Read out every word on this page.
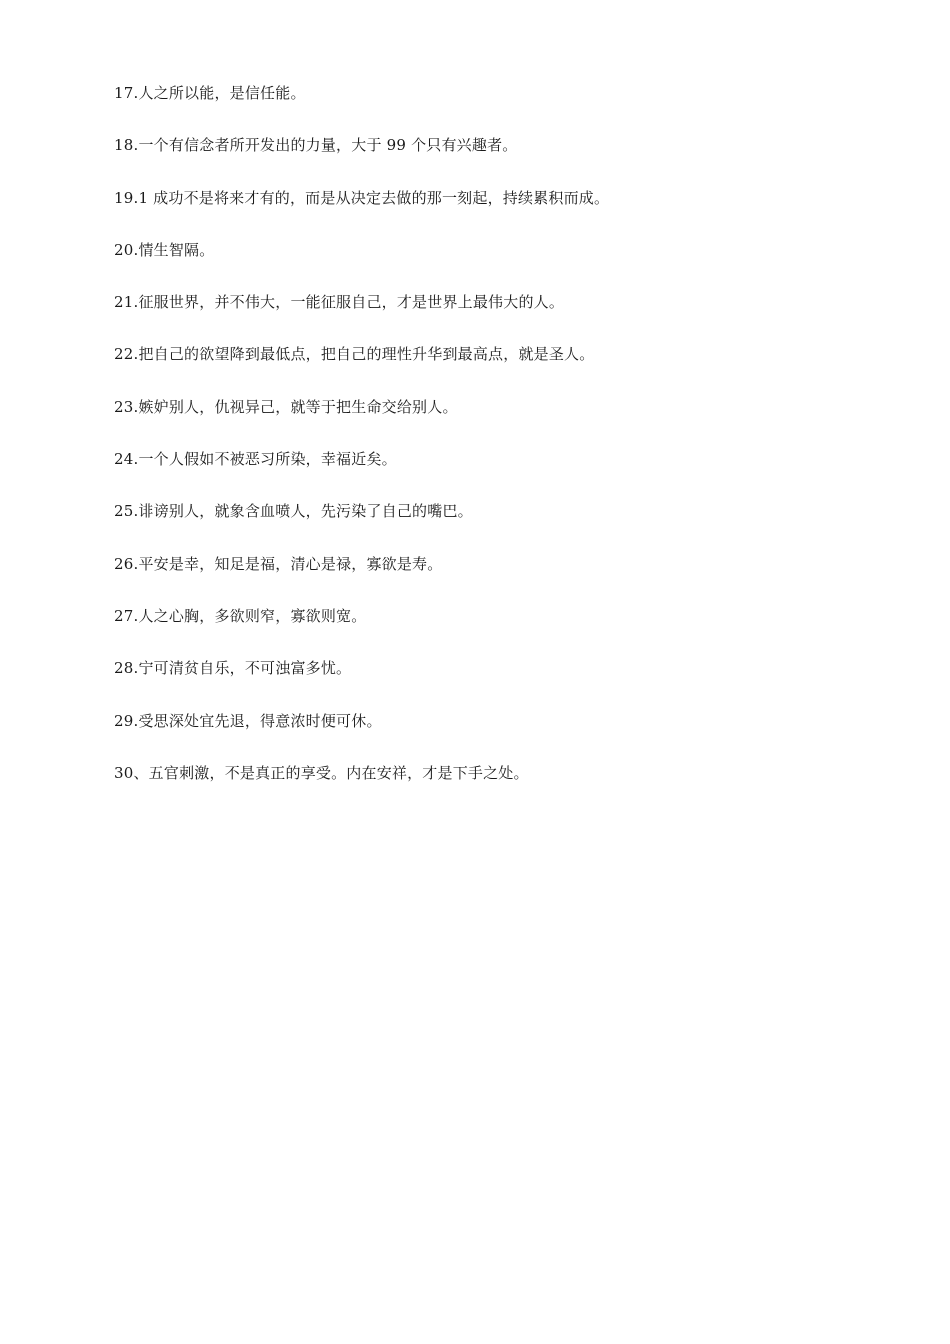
17.人之所以能，是信任能。
18.一个有信念者所开发出的力量，大于 99 个只有兴趣者。
19.1 成功不是将来才有的，而是从决定去做的那一刻起，持续累积而成。
20.情生智隔。
21.征服世界，并不伟大，一能征服自己，才是世界上最伟大的人。
22.把自己的欲望降到最低点，把自己的理性升华到最高点，就是圣人。
23.嫉妒别人，仇视异己，就等于把生命交给别人。
24.一个人假如不被恶习所染，幸福近矣。
25.诽谤别人，就象含血喷人，先污染了自己的嘴巴。
26.平安是幸，知足是福，清心是禄，寡欲是寿。
27.人之心胸，多欲则窄，寡欲则宽。
28.宁可清贫自乐，不可浊富多忧。
29.受思深处宜先退，得意浓时便可休。
30、五官刺激，不是真正的享受。内在安祥，才是下手之处。
